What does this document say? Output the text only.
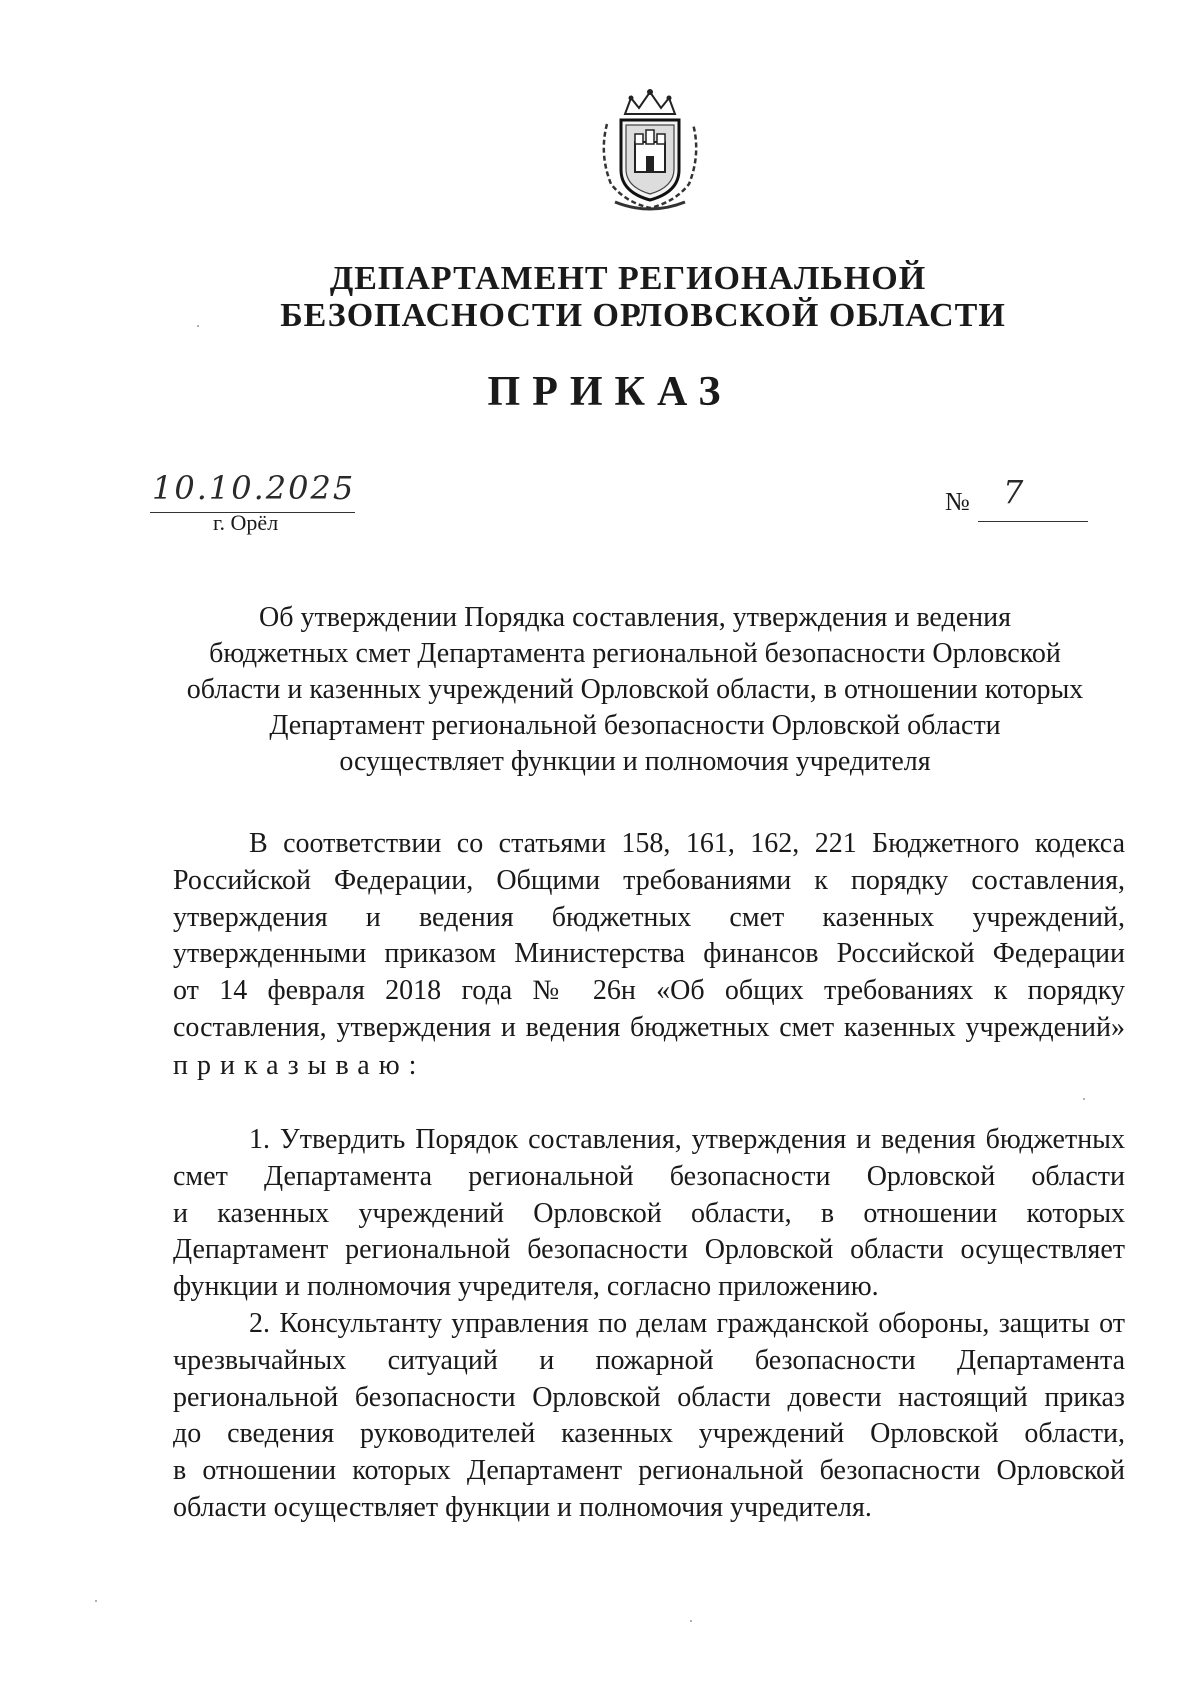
ДЕПАРТАМЕНТ РЕГИОНАЛЬНОЙ
БЕЗОПАСНОСТИ ОРЛОВСКОЙ ОБЛАСТИ
ПРИКАЗ
10.10.2025
г. Орёл
№ 7
Об утверждении Порядка составления, утверждения и ведения
бюджетных смет Департамента региональной безопасности Орловской
области и казенных учреждений Орловской области, в отношении которых
Департамент региональной безопасности Орловской области
осуществляет функции и полномочия учредителя
В соответствии со статьями 158, 161, 162, 221 Бюджетного кодекса
Российской Федерации, Общими требованиями к порядку составления,
утверждения и ведения бюджетных смет казенных учреждений,
утвержденными приказом Министерства финансов Российской Федерации
от 14 февраля 2018 года № 26н «Об общих требованиях к порядку
составления, утверждения и ведения бюджетных смет казенных учреждений»
приказываю:
1. Утвердить Порядок составления, утверждения и ведения бюджетных
смет Департамента региональной безопасности Орловской области
и казенных учреждений Орловской области, в отношении которых
Департамент региональной безопасности Орловской области осуществляет
функции и полномочия учредителя, согласно приложению.
2. Консультанту управления по делам гражданской обороны, защиты от
чрезвычайных ситуаций и пожарной безопасности Департамента
региональной безопасности Орловской области довести настоящий приказ
до сведения руководителей казенных учреждений Орловской области,
в отношении которых Департамент региональной безопасности Орловской
области осуществляет функции и полномочия учредителя.
